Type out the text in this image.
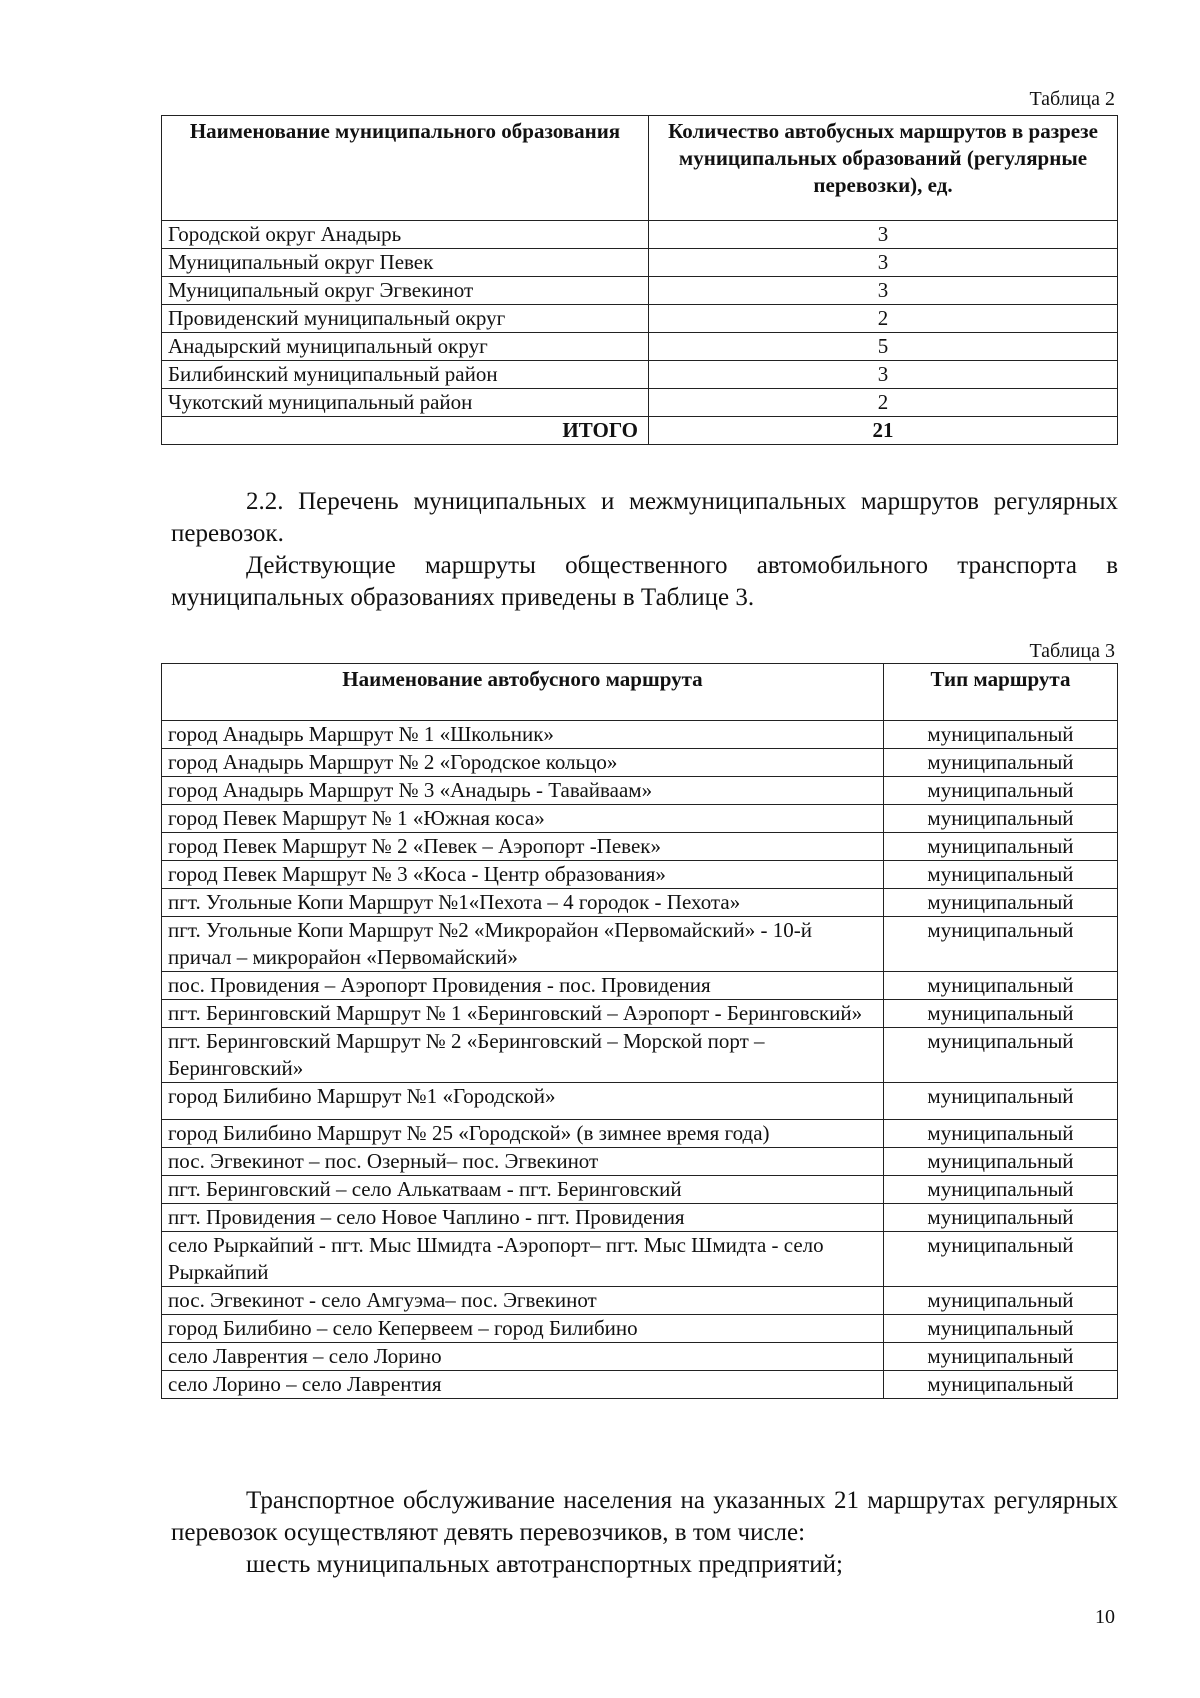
Таблица 2
Наименование муниципального образования	Количество автобусных маршрутов в разрезе муниципальных образований (регулярные перевозки), ед.
Городской округ Анадырь	3
Муниципальный округ Певек	3
Муниципальный округ Эгвекинот	3
Провиденский муниципальный округ	2
Анадырский муниципальный округ	5
Билибинский муниципальный район	3
Чукотский муниципальный район	2
ИТОГО	21

2.2. Перечень муниципальных и межмуниципальных маршрутов регулярных перевозок.

Действующие маршруты общественного автомобильного транспорта в муниципальных образованиях приведены в Таблице 3.

Таблица 3
Наименование автобусного маршрута	Тип маршрута
город Анадырь Маршрут № 1 «Школьник»	муниципальный
город Анадырь Маршрут № 2 «Городское кольцо»	муниципальный
город Анадырь Маршрут № 3 «Анадырь - Тавайваам»	муниципальный
город Певек Маршрут № 1 «Южная коса»	муниципальный
город Певек Маршрут № 2 «Певек – Аэропорт -Певек»	муниципальный
город Певек Маршрут № 3 «Коса - Центр образования»	муниципальный
пгт. Угольные Копи Маршрут №1«Пехота – 4 городок - Пехота»	муниципальный
пгт. Угольные Копи Маршрут №2 «Микрорайон «Первомайский» - 10-й причал – микрорайон «Первомайский»	муниципальный
пос. Провидения – Аэропорт Провидения - пос. Провидения	муниципальный
пгт. Беринговский Маршрут № 1 «Беринговский – Аэропорт - Беринговский»	муниципальный
пгт. Беринговский Маршрут № 2 «Беринговский – Морской порт – Беринговский»	муниципальный
город Билибино Маршрут №1 «Городской»	муниципальный
город Билибино Маршрут № 25 «Городской» (в зимнее время года)	муниципальный
пос. Эгвекинот – пос. Озерный– пос. Эгвекинот	муниципальный
пгт. Беринговский – село Алькатваам - пгт. Беринговский	муниципальный
пгт. Провидения – село Новое Чаплино - пгт. Провидения	муниципальный
село Рыркайпий - пгт. Мыс Шмидта -Аэропорт– пгт. Мыс Шмидта - село Рыркайпий	муниципальный
пос. Эгвекинот - село Амгуэма– пос. Эгвекинот	муниципальный
город Билибино – село Кепервеем – город Билибино	муниципальный
село Лаврентия – село Лорино	муниципальный
село Лорино – село Лаврентия	муниципальный

Транспортное обслуживание населения на указанных 21 маршрутах регулярных перевозок осуществляют девять перевозчиков, в том числе:

шесть муниципальных автотранспортных предприятий;

10
